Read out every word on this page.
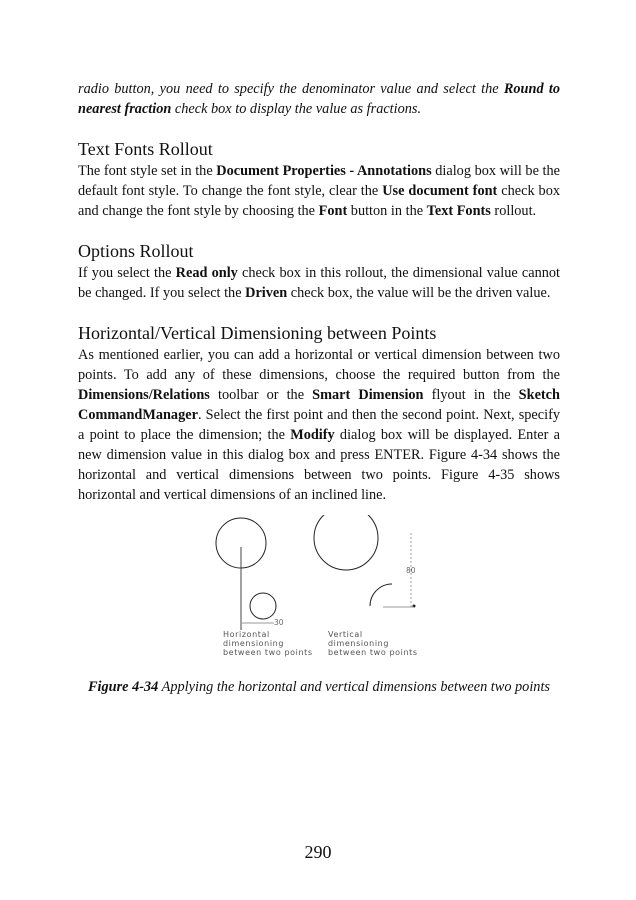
radio button, you need to specify the denominator value and select the Round to nearest fraction check box to display the value as fractions.

Text Fonts Rollout

The font style set in the Document Properties - Annotations dialog box will be the default font style. To change the font style, clear the Use document font check box and change the font style by choosing the Font button in the Text Fonts rollout.

Options Rollout

If you select the Read only check box in this rollout, the dimensional value cannot be changed. If you select the Driven check box, the value will be the driven value.

Horizontal/Vertical Dimensioning between Points

As mentioned earlier, you can add a horizontal or vertical dimension between two points. To add any of these dimensions, choose the required button from the Dimensions/Relations toolbar or the Smart Dimension flyout in the Sketch CommandManager. Select the first point and then the second point. Next, specify a point to place the dimension; the Modify dialog box will be displayed. Enter a new dimension value in this dialog box and press ENTER. Figure 4-34 shows the horizontal and vertical dimensions between two points. Figure 4-35 shows horizontal and vertical dimensions of an inclined line.

30
Horizontal
dimensioning
between two points
80
Vertical
dimensioning
between two points
Figure 4-34 Applying the horizontal and vertical dimensions between two points
290
